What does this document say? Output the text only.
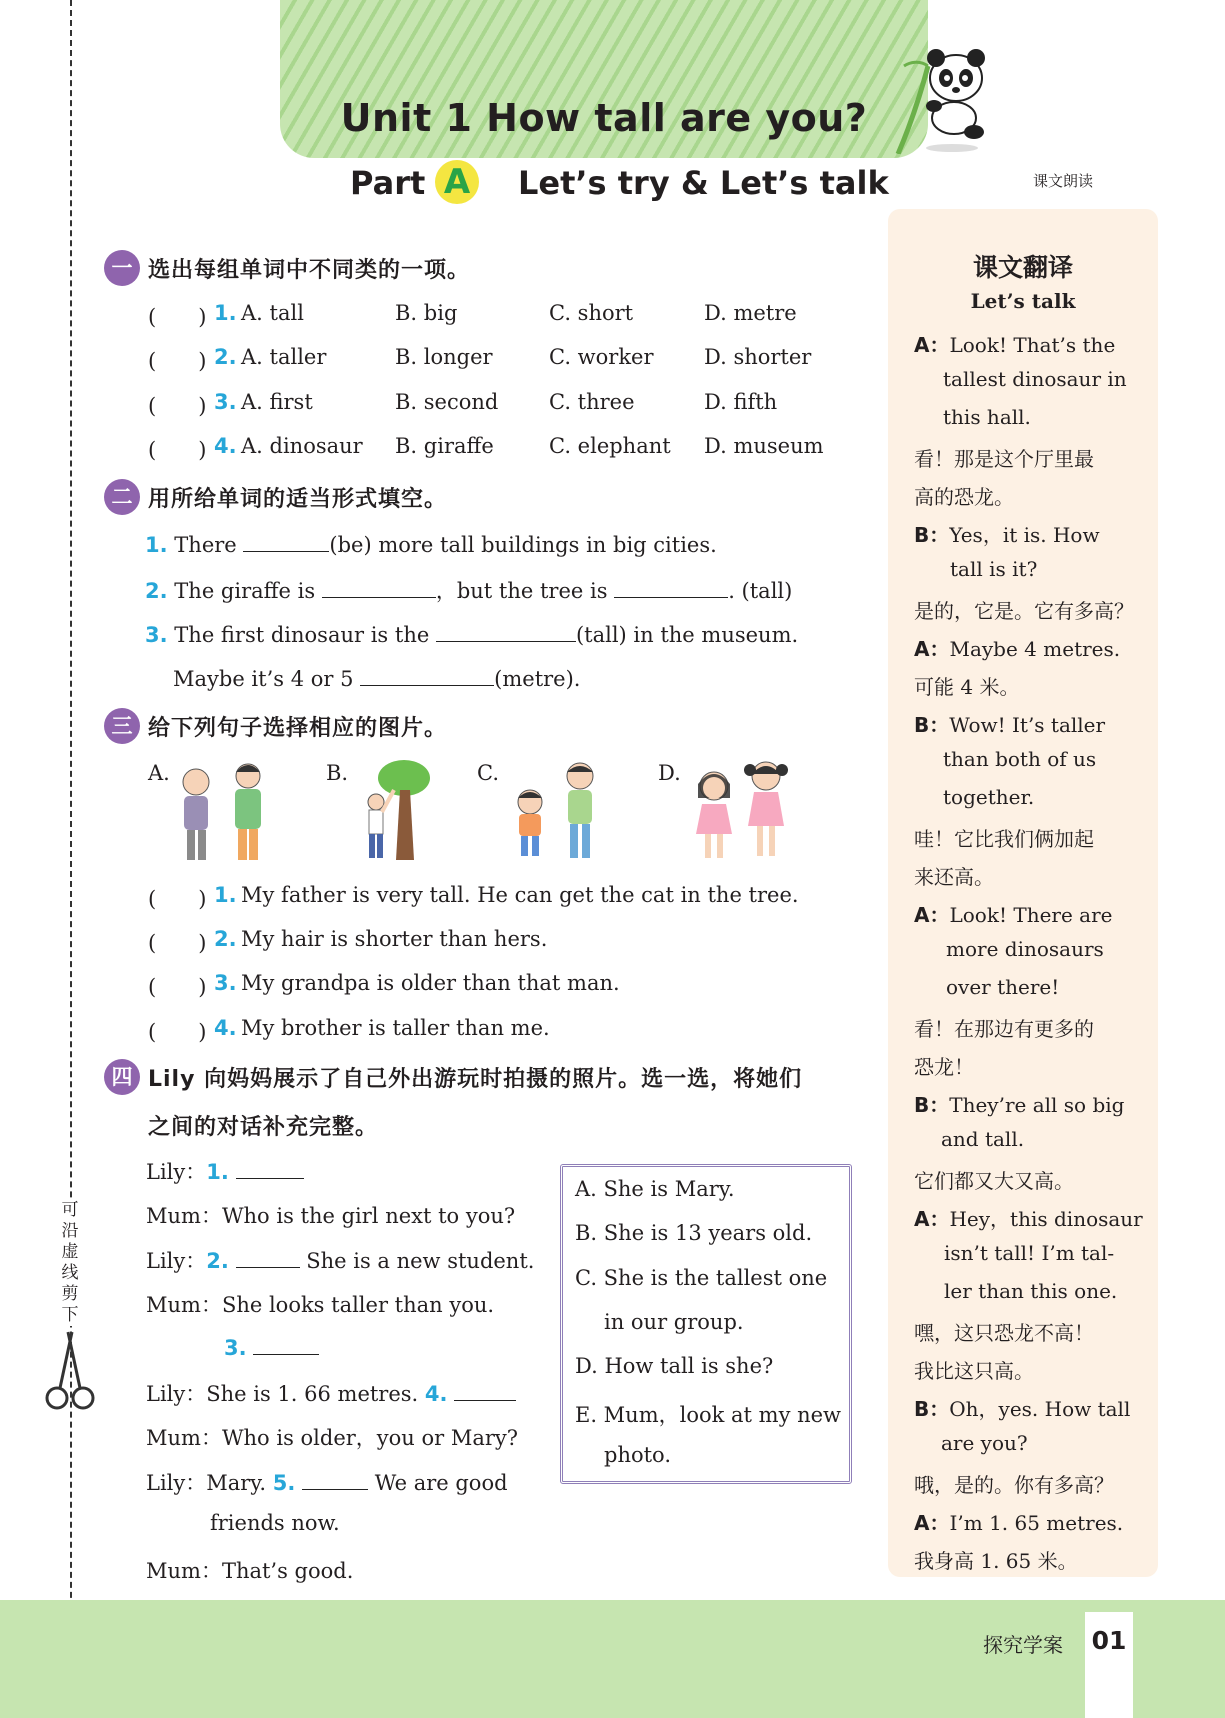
可
沿
虚
线
剪
下
Unit 1 How tall are you?
Part A Let’s try & Let’s talk	课文朗读
一 选出每组单词中不同类的一项。
(　　) 1. A. tall	B. big	C. short	D. metre
(　　) 2. A. taller	B. longer	C. worker D. shorter
(　　) 3. A. first	B. second C. three	D. fifth
(　　) 4. A. dinosaur B. giraffe	C. elephant D. museum
二 用所给单词的适当形式填空。
1. There	(be) more tall buildings in big cities.
2. The giraffe is	，but the tree is	. (tall)
3. The first dinosaur is the	(tall) in the museum.
Maybe it’s 4 or 5	(metre).
三 给下列句子选择相应的图片。
A.	B.	C.	D.
(　　) 1. My father is very tall. He can get the cat in the tree.
(　　) 2. My hair is shorter than hers.
(　　) 3. My grandpa is older than that man.
(　　) 4. My brother is taller than me.
四 Lily 向妈妈展示了自己外出游玩时拍摄的照片。选一选，将她们
之间的对话补充完整。
Lily：1.
Mum：Who is the girl next to you?
Lily：2.	She is a new student.
Mum：She looks taller than you.
3.
Lily：She is 1. 66 metres. 4.
Mum：Who is older，you or Mary?
Lily：Mary. 5.	We are good
friends now.
Mum：That’s good.
A. She is Mary.
B. She is 13 years old.
C. She is the tallest one
in our group.
D. How tall is she?
E. Mum，look at my new
photo.
课文翻译
Let’s talk
A：Look! That’s the
tallest dinosaur in
this hall.
看！那是这个厅里最
高的恐龙。
B：Yes，it is. How
tall is it?
是的，它是。它有多高？
A：Maybe 4 metres.
可能 4 米。
B：Wow! It’s taller
than both of us
together.
哇！它比我们俩加起
来还高。
A：Look! There are
more dinosaurs
over there!
看！在那边有更多的
恐龙！
B：They’re all so big
and tall.
它们都又大又高。
A：Hey，this dinosaur
isn’t tall! I’m tal-
ler than this one.
嘿，这只恐龙不高！
我比这只高。
B：Oh，yes. How tall
are you?
哦，是的。你有多高？
A：I’m 1. 65 metres.
我身高 1. 65 米。
探究学案 01
